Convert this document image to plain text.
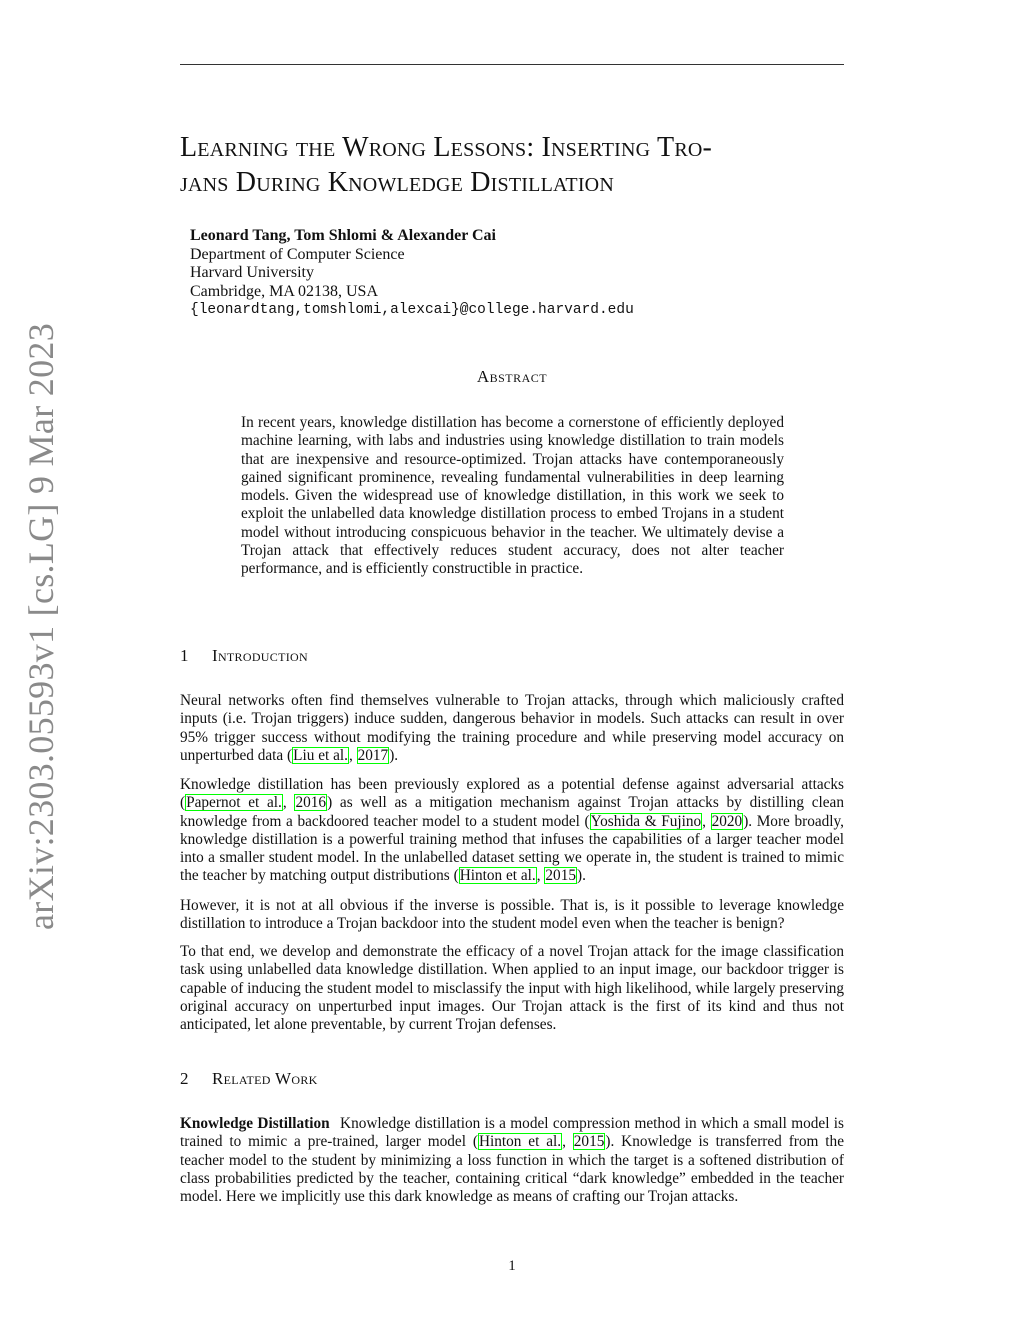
arXiv:2303.05593v1 [cs.LG] 9 Mar 2023
Learning the Wrong Lessons: Inserting Tro-
jans During Knowledge Distillation
Leonard Tang, Tom Shlomi & Alexander Cai
Department of Computer Science
Harvard University
Cambridge, MA 02138, USA
{leonardtang,tomshlomi,alexcai}@college.harvard.edu
Abstract

In recent years, knowledge distillation has become a cornerstone of efficiently deployed machine learning, with labs and industries using knowledge distillation to train models that are inexpensive and resource-optimized. Trojan attacks have contemporaneously gained significant prominence, revealing fundamental vulnerabilities in deep learning models. Given the widespread use of knowledge distillation, in this work we seek to exploit the unlabelled data knowledge distillation process to embed Trojans in a student model without introducing conspicuous behavior in the teacher. We ultimately devise a Trojan attack that effectively reduces student accuracy, does not alter teacher performance, and is efficiently constructible in practice.

1 Introduction

Neural networks often find themselves vulnerable to Trojan attacks, through which maliciously crafted inputs (i.e. Trojan triggers) induce sudden, dangerous behavior in models. Such attacks can result in over 95% trigger success without modifying the training procedure and while preserving model accuracy on unperturbed data (Liu et al., 2017).

Knowledge distillation has been previously explored as a potential defense against adversarial attacks (Papernot et al., 2016) as well as a mitigation mechanism against Trojan attacks by distilling clean knowledge from a backdoored teacher model to a student model (Yoshida & Fujino, 2020). More broadly, knowledge distillation is a powerful training method that infuses the capabilities of a larger teacher model into a smaller student model. In the unlabelled dataset setting we operate in, the student is trained to mimic the teacher by matching output distributions (Hinton et al., 2015).

However, it is not at all obvious if the inverse is possible. That is, is it possible to leverage knowledge distillation to introduce a Trojan backdoor into the student model even when the teacher is benign?

To that end, we develop and demonstrate the efficacy of a novel Trojan attack for the image classification task using unlabelled data knowledge distillation. When applied to an input image, our backdoor trigger is capable of inducing the student model to misclassify the input with high likelihood, while largely preserving original accuracy on unperturbed input images. Our Trojan attack is the first of its kind and thus not anticipated, let alone preventable, by current Trojan defenses.

2 Related Work

Knowledge Distillation Knowledge distillation is a model compression method in which a small model is trained to mimic a pre-trained, larger model (Hinton et al., 2015). Knowledge is transferred from the teacher model to the student by minimizing a loss function in which the target is a softened distribution of class probabilities predicted by the teacher, containing critical “dark knowledge” embedded in the teacher model. Here we implicitly use this dark knowledge as means of crafting our Trojan attacks.

1
